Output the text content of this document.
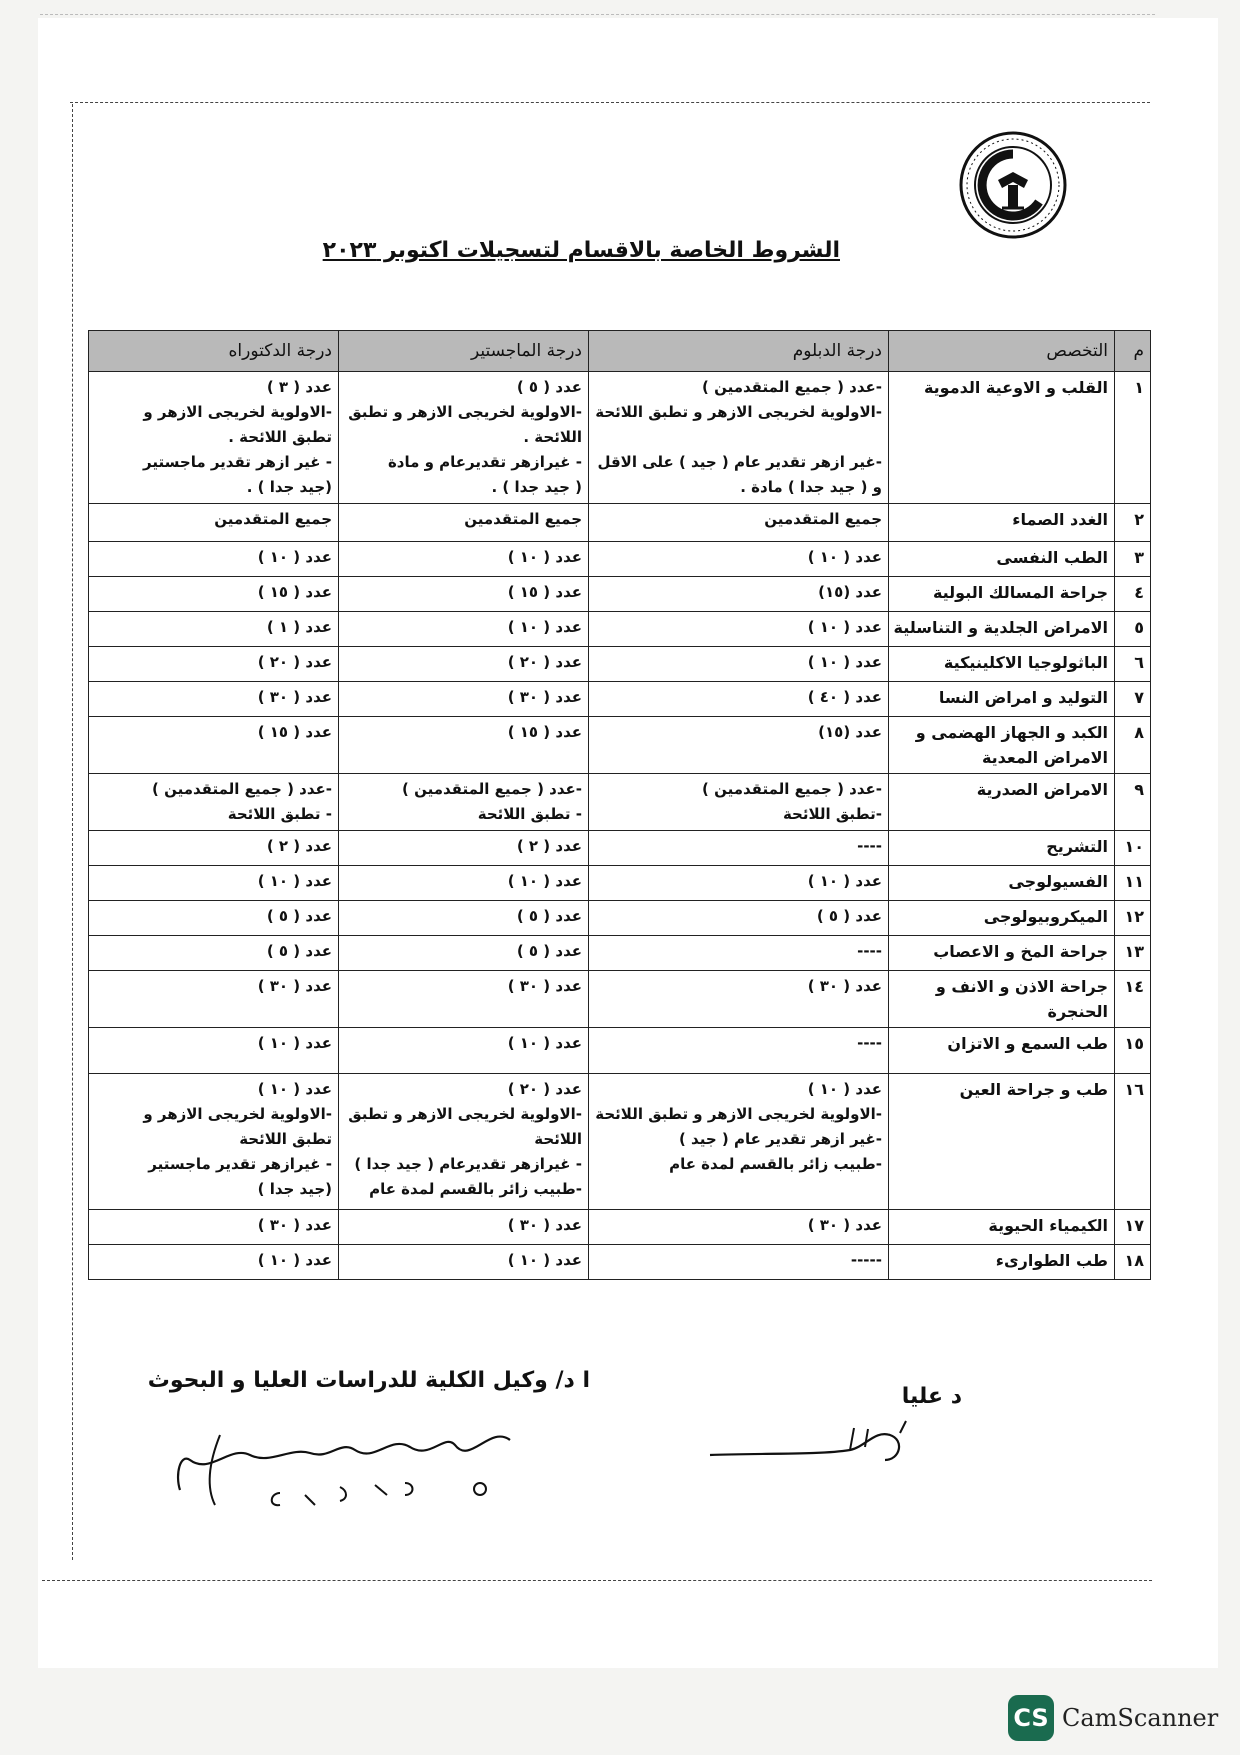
الشروط الخاصة بالاقسام لتسجيلات اكتوبر ٢٠٢٣
م	التخصص	درجة الدبلوم	درجة الماجستير	درجة الدكتوراه
١	القلب و الاوعية الدموية	-عدد ( جميع المتقدمين )
-الاولوية لخريجى الازهر و تطبق اللائحة

-غير ازهر تقدير عام ( جيد ) على الاقل
و ( جيد جدا ) مادة .	عدد ( ٥ )
-الاولوية لخريجى الازهر و تطبق
اللائحة .
- غيرازهر تقديرعام و مادة
( جيد جدا ) .	عدد ( ٣ )
-الاولوية لخريجى الازهر و
تطبق اللائحة .
- غير ازهر تقدير ماجستير
(جيد جدا ) .

٢	الغدد الصماء	جميع المتقدمين	جميع المتقدمين	جميع المتقدمين

٣	الطب النفسى	عدد ( ١٠ )	عدد ( ١٠ )	عدد ( ١٠ )

٤	جراحة المسالك البولية	عدد (١٥)	عدد ( ١٥ )	عدد ( ١٥ )

٥	الامراض الجلدية و التناسلية	عدد ( ١٠ )	عدد ( ١٠ )	عدد ( ١ )

٦	الباثولوجيا الاكلينيكية	عدد ( ١٠ )	عدد ( ٢٠ )	عدد ( ٢٠ )

٧	التوليد و امراض النسا	عدد ( ٤٠ )	عدد ( ٣٠ )	عدد ( ٣٠ )

٨	الكبد و الجهاز الهضمى و
الامراض المعدية	عدد (١٥)	عدد ( ١٥ )	عدد ( ١٥ )

٩	الامراض الصدرية	-عدد ( جميع المتقدمين )
-تطبق اللائحة	-عدد ( جميع المتقدمين )
- تطبق اللائحة	-عدد ( جميع المتقدمين )
- تطبق اللائحة

١٠	التشريح	----	عدد ( ٢ )	عدد ( ٢ )

١١	الفسيولوجى	عدد ( ١٠ )	عدد ( ١٠ )	عدد ( ١٠ )

١٢	الميكروبيولوجى	عدد ( ٥ )	عدد ( ٥ )	عدد ( ٥ )

١٣	جراحة المخ و الاعصاب	----	عدد ( ٥ )	عدد ( ٥ )

١٤	جراحة الاذن و الانف و
الحنجرة	عدد ( ٣٠ )	عدد ( ٣٠ )	عدد ( ٣٠ )

١٥	طب السمع و الاتزان	----	عدد ( ١٠ )	عدد ( ١٠ )

١٦	طب و جراحة العين	عدد ( ١٠ )
-الاولوية لخريجى الازهر و تطبق اللائحة
-غير ازهر تقدير عام ( جيد )
-طبيب زائر بالقسم لمدة عام	عدد ( ٢٠ )
-الاولوية لخريجى الازهر و تطبق
اللائحة
- غيرازهر تقديرعام ( جيد جدا )
-طبيب زائر بالقسم لمدة عام	عدد ( ١٠ )
-الاولوية لخريجى الازهر و
تطبق اللائحة
- غيرازهر تقدير ماجستير
(جيد جدا )

١٧	الكيمياء الحيوية	عدد ( ٣٠ )	عدد ( ٣٠ )	عدد ( ٣٠ )

١٨	طب الطوارىء	-----	عدد ( ١٠ )	عدد ( ١٠ )
ا د/ وكيل الكلية للدراسات العليا و البحوث
د عليا
CS CamScanner
